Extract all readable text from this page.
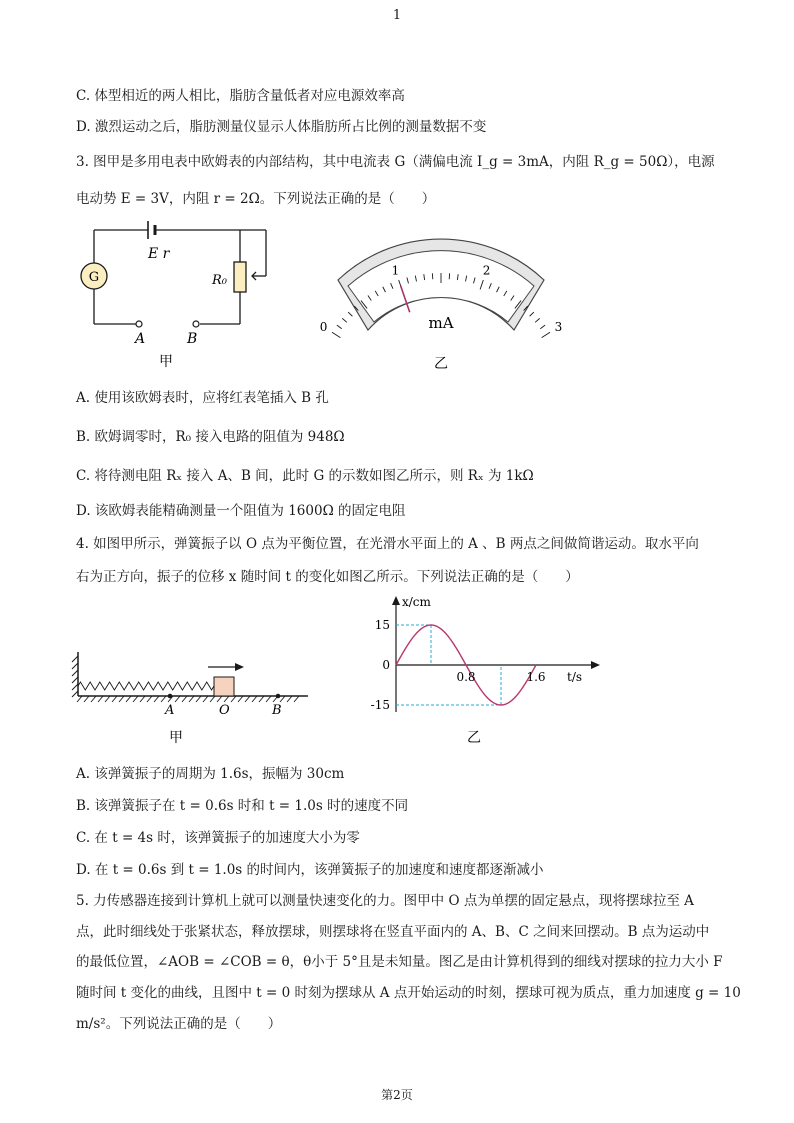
1
C. 体型相近的两人相比，脂肪含量低者对应电源效率高
D. 激烈运动之后，脂肪测量仪显示人体脂肪所占比例的测量数据不变
3. 图甲是多用电表中欧姆表的内部结构，其中电流表 G（满偏电流 I_g = 3mA，内阻 R_g = 50Ω），电源
电动势 E = 3V，内阻 r = 2Ω。下列说法正确的是（　　）
G
E r
R₀
A	B
甲
0
1	2
3
mA
乙
A. 使用该欧姆表时，应将红表笔插入 B 孔
B. 欧姆调零时，R₀ 接入电路的阻值为 948Ω
C. 将待测电阻 Rₓ 接入 A、B 间，此时 G 的示数如图乙所示，则 Rₓ 为 1kΩ
D. 该欧姆表能精确测量一个阻值为 1600Ω 的固定电阻
4. 如图甲所示，弹簧振子以 O 点为平衡位置，在光滑水平面上的 A 、B 两点之间做简谐运动。取水平向
右为正方向，振子的位移 x 随时间 t 的变化如图乙所示。下列说法正确的是（　　）
A	O	B
甲
15
0
-15
0.8	1.6
x/cm
t/s
乙
A. 该弹簧振子的周期为 1.6s，振幅为 30cm
B. 该弹簧振子在 t = 0.6s 时和 t = 1.0s 时的速度不同
C. 在 t = 4s 时，该弹簧振子的加速度大小为零
D. 在 t = 0.6s 到 t = 1.0s 的时间内，该弹簧振子的加速度和速度都逐渐减小
5. 力传感器连接到计算机上就可以测量快速变化的力。图甲中 O 点为单摆的固定悬点，现将摆球拉至 A
点，此时细线处于张紧状态，释放摆球，则摆球将在竖直平面内的 A、B、C 之间来回摆动。B 点为运动中
的最低位置，∠AOB = ∠COB = θ，θ小于 5°且是未知量。图乙是由计算机得到的细线对摆球的拉力大小 F
随时间 t 变化的曲线，且图中 t = 0 时刻为摆球从 A 点开始运动的时刻，摆球可视为质点，重力加速度 g = 10
m/s²。下列说法正确的是（　　）
第2页
